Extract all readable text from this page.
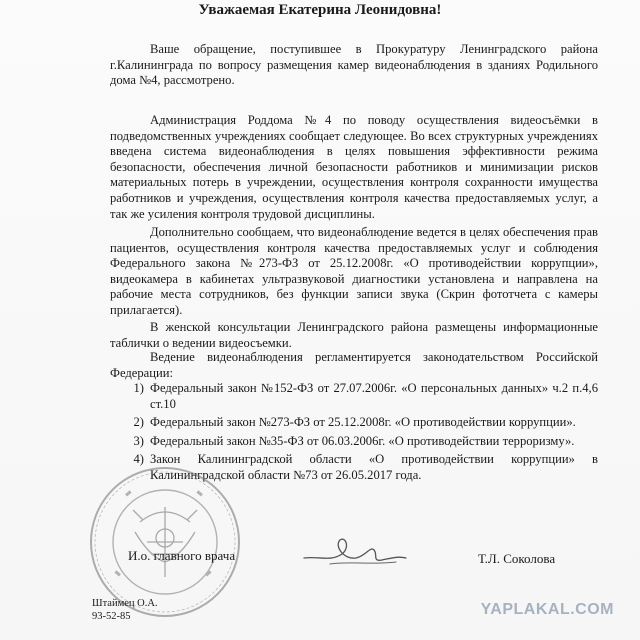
Уважаемая Екатерина Леонидовна!

Ваше обращение, поступившее в Прокуратуру Ленинградского района г.Калининграда по вопросу размещения камер видеонаблюдения в зданиях Родильного дома №4, рассмотрено.

Администрация Роддома №4 по поводу осуществления видеосъёмки в подведомственных учреждениях сообщает следующее. Во всех структурных учреждениях введена система видеонаблюдения в целях повышения эффективности режима безопасности, обеспечения личной безопасности работников и минимизации рисков материальных потерь в учреждении, осуществления контроля сохранности имущества работников и учреждения, осуществления контроля качества предоставляемых услуг, а так же усиления контроля трудовой дисциплины.

Дополнительно сообщаем, что видеонаблюдение ведется в целях обеспечения прав пациентов, осуществления контроля качества предоставляемых услуг и соблюдения Федерального закона №273-ФЗ от 25.12.2008г. «О противодействии коррупции», видеокамера в кабинетах ультразвуковой диагностики установлена и направлена на рабочие места сотрудников, без функции записи звука (Скрин фототчета с камеры прилагается).

В женской консультации Ленинградского района размещены информационные таблички о ведении видеосъемки.

Ведение видеонаблюдения регламентируется законодательством Российской Федерации:

1) Федеральный закон №152-ФЗ от 27.07.2006г. «О персональных данных» ч.2 п.4,6 ст.10
2) Федеральный закон №273-ФЗ от 25.12.2008г. «О противодействии коррупции».
3) Федеральный закон №35-ФЗ от 06.03.2006г. «О противодействии терроризму».
4) Закон Калининградской области «О противодействии коррупции» в Калининградской области №73 от 26.05.2017 года.
И.о. главного врача	Т.Л. Соколова
Штаймец О.А.
93-52-85	YAPLAKAL.COM
